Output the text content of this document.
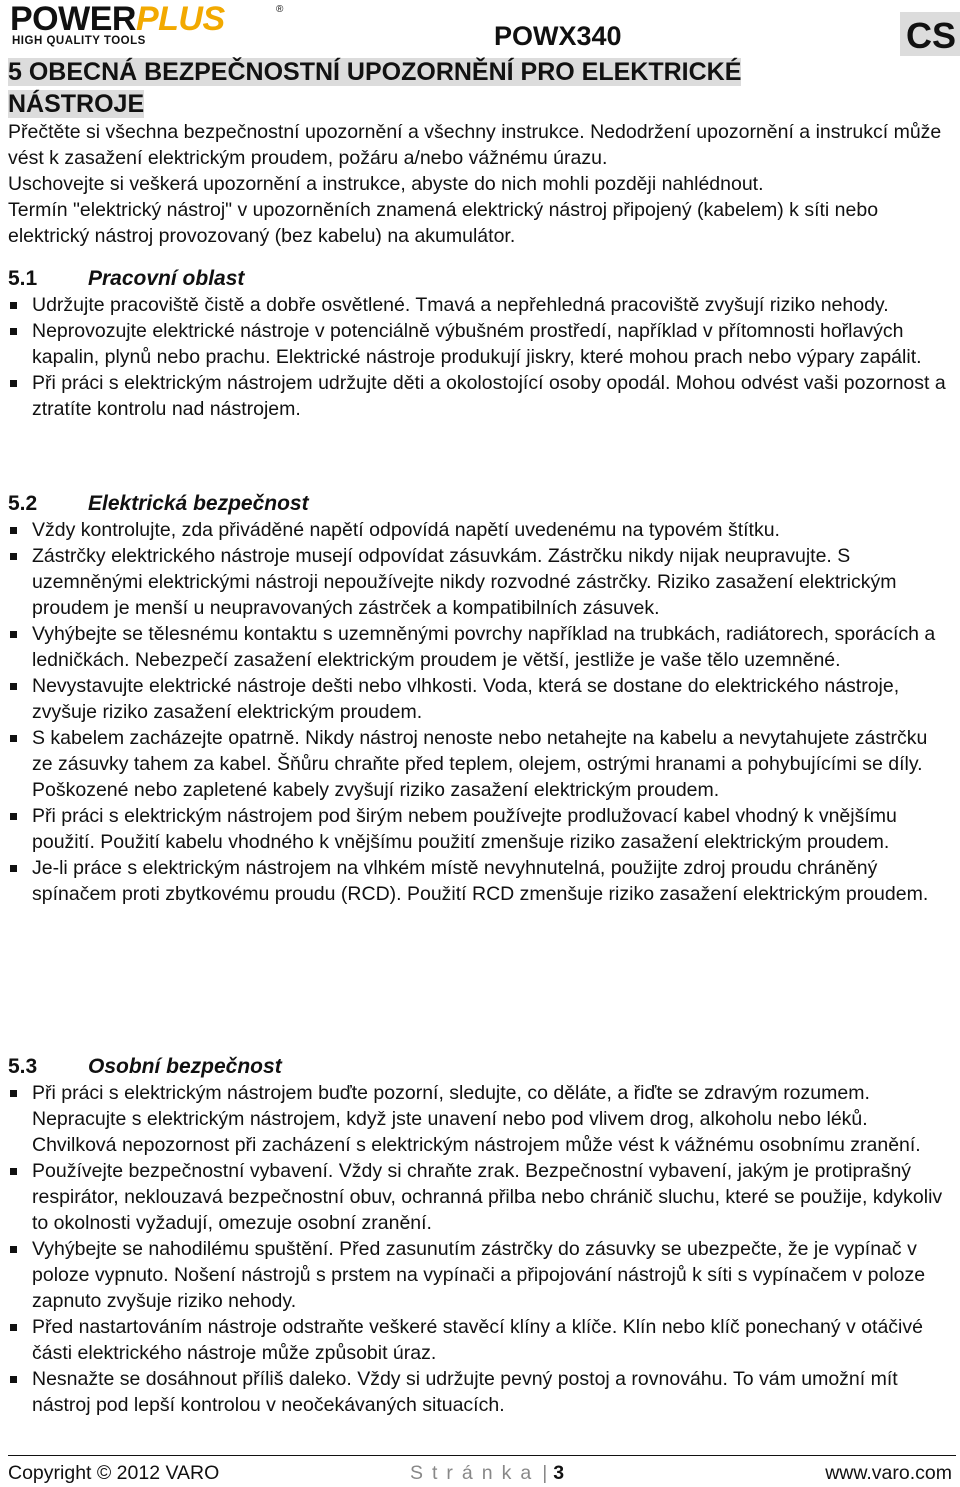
POWERPLUS	®
HIGH QUALITY TOOLS	POWX340	CS
5 OBECNÁ BEZPEČNOSTNÍ UPOZORNĚNÍ PRO ELEKTRICKÉ
NÁSTROJE

Přečtěte si všechna bezpečnostní upozornění a všechny instrukce. Nedodržení upozornění a instrukcí může vést k zasažení elektrickým proudem, požáru a/nebo vážnému úrazu.

Uschovejte si veškerá upozornění a instrukce, abyste do nich mohli později nahlédnout.

Termín "elektrický nástroj" v upozorněních znamená elektrický nástroj připojený (kabelem) k síti nebo elektrický nástroj provozovaný (bez kabelu) na akumulátor.

5.1 Pracovní oblast
Udržujte pracoviště čistě a dobře osvětlené. Tmavá a nepřehledná pracoviště zvyšují riziko nehody.
Neprovozujte elektrické nástroje v potenciálně výbušném prostředí, například v přítomnosti hořlavých kapalin, plynů nebo prachu. Elektrické nástroje produkují jiskry, které mohou prach nebo výpary zapálit.
Při práci s elektrickým nástrojem udržujte děti a okolostojící osoby opodál. Mohou odvést vaši pozornost a ztratíte kontrolu nad nástrojem.
5.2 Elektrická bezpečnost
Vždy kontrolujte, zda přiváděné napětí odpovídá napětí uvedenému na typovém štítku.
Zástrčky elektrického nástroje musejí odpovídat zásuvkám. Zástrčku nikdy nijak neupravujte. S uzemněnými elektrickými nástroji nepoužívejte nikdy rozvodné zástrčky. Riziko zasažení elektrickým proudem je menší u neupravovaných zástrček a kompatibilních zásuvek.
Vyhýbejte se tělesnému kontaktu s uzemněnými povrchy například na trubkách, radiátorech, sporácích a ledničkách. Nebezpečí zasažení elektrickým proudem je větší, jestliže je vaše tělo uzemněné.
Nevystavujte elektrické nástroje dešti nebo vlhkosti. Voda, která se dostane do elektrického nástroje, zvyšuje riziko zasažení elektrickým proudem.
S kabelem zacházejte opatrně. Nikdy nástroj nenoste nebo netahejte na kabelu a nevytahujete zástrčku ze zásuvky tahem za kabel. Šňůru chraňte před teplem, olejem, ostrými hranami a pohybujícími se díly. Poškozené nebo zapletené kabely zvyšují riziko zasažení elektrickým proudem.
Při práci s elektrickým nástrojem pod širým nebem používejte prodlužovací kabel vhodný k vnějšímu použití. Použití kabelu vhodného k vnějšímu použití zmenšuje riziko zasažení elektrickým proudem.
Je-li práce s elektrickým nástrojem na vlhkém místě nevyhnutelná, použijte zdroj proudu chráněný spínačem proti zbytkovému proudu (RCD). Použití RCD zmenšuje riziko zasažení elektrickým proudem.
5.3 Osobní bezpečnost
Při práci s elektrickým nástrojem buďte pozorní, sledujte, co děláte, a řiďte se zdravým rozumem. Nepracujte s elektrickým nástrojem, když jste unavení nebo pod vlivem drog, alkoholu nebo léků. Chvilková nepozornost při zacházení s elektrickým nástrojem může vést k vážnému osobnímu zranění.
Používejte bezpečnostní vybavení. Vždy si chraňte zrak. Bezpečnostní vybavení, jakým je protiprašný respirátor, neklouzavá bezpečnostní obuv, ochranná přilba nebo chránič sluchu, které se použije, kdykoliv to okolnosti vyžadují, omezuje osobní zranění.
Vyhýbejte se nahodilému spuštění. Před zasunutím zástrčky do zásuvky se ubezpečte, že je vypínač v poloze vypnuto. Nošení nástrojů s prstem na vypínači a připojování nástrojů k síti s vypínačem v poloze zapnuto zvyšuje riziko nehody.
Před nastartováním nástroje odstraňte veškeré stavěcí klíny a klíče. Klín nebo klíč ponechaný v otáčivé části elektrického nástroje může způsobit úraz.
Nesnažte se dosáhnout příliš daleko. Vždy si udržujte pevný postoj a rovnováhu. To vám umožní mít nástroj pod lepší kontrolou v neočekávaných situacích.
Copyright © 2012 VARO	Stránka | 3	www.varo.com
